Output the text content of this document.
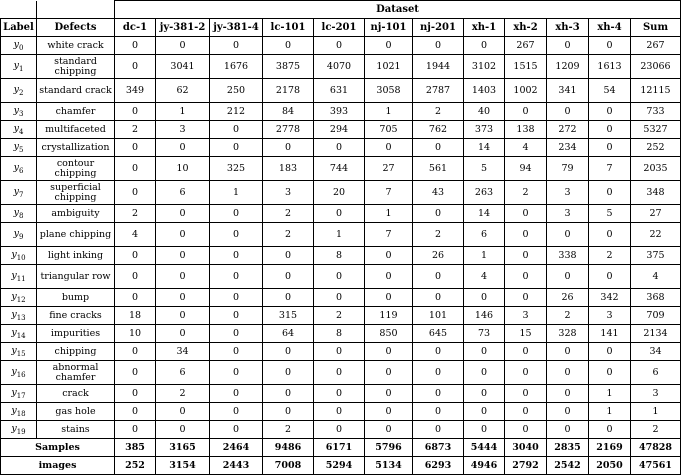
		Dataset											
Label	Defects	dc-1	jy-381-2	jy-381-4	lc-101	lc-201	nj-101	nj-201	xh-1	xh-2	xh-3	xh-4	Sum
$y_0$	white crack	0	0	0	0	0	0	0	0	267	0	0	267
$y_1$	standard chipping	0	3041	1676	3875	4070	1021	1944	3102	1515	1209	1613	23066
$y_2$	standard crack	349	62	250	2178	631	3058	2787	1403	1002	341	54	12115
$y_3$	chamfer	0	1	212	84	393	1	2	40	0	0	0	733
$y_4$	multifaceted	2	3	0	2778	294	705	762	373	138	272	0	5327
$y_5$	crystallization	0	0	0	0	0	0	0	14	4	234	0	252
$y_6$	contour chipping	0	10	325	183	744	27	561	5	94	79	7	2035
$y_7$	superficial chipping	0	6	1	3	20	7	43	263	2	3	0	348
$y_8$	ambiguity	2	0	0	2	0	1	0	14	0	3	5	27
$y_9$	plane chipping	4	0	0	2	1	7	2	6	0	0	0	22
$y_{10}$	light inking	0	0	0	0	8	0	26	1	0	338	2	375
$y_{11}$	triangular row	0	0	0	0	0	0	0	4	0	0	0	4
$y_{12}$	bump	0	0	0	0	0	0	0	0	0	26	342	368
$y_{13}$	fine cracks	18	0	0	315	2	119	101	146	3	2	3	709
$y_{14}$	impurities	10	0	0	64	8	850	645	73	15	328	141	2134
$y_{15}$	chipping	0	34	0	0	0	0	0	0	0	0	0	34
$y_{16}$	abnormal chamfer	0	6	0	0	0	0	0	0	0	0	0	6
$y_{17}$	crack	0	2	0	0	0	0	0	0	0	0	1	3
$y_{18}$	gas hole	0	0	0	0	0	0	0	0	0	0	1	1
$y_{19}$	stains	0	0	0	2	0	0	0	0	0	0	0	2
Samples		385	3165	2464	9486	6171	5796	6873	5444	3040	2835	2169	47828
images		252	3154	2443	7008	5294	5134	6293	4946	2792	2542	2050	47561
